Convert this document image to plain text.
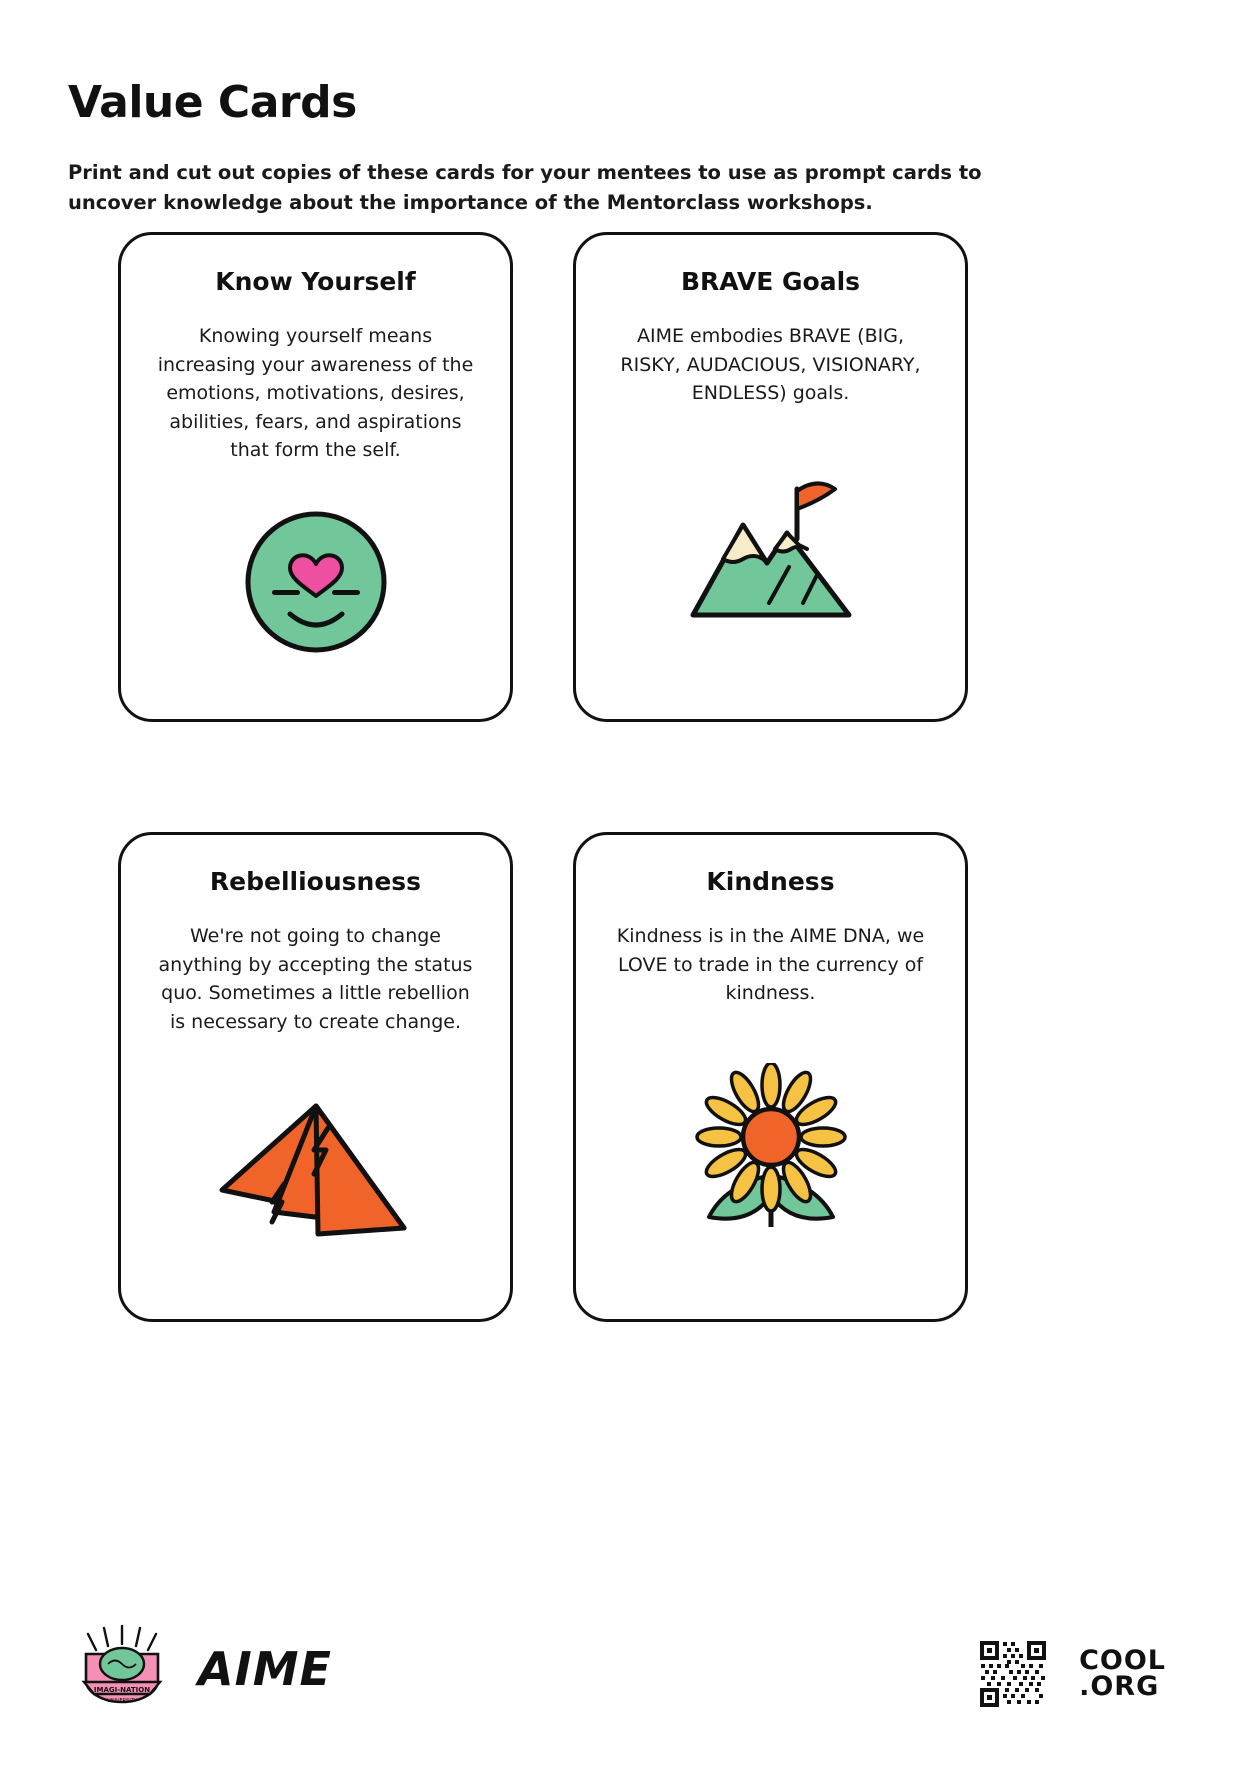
Value Cards

Print and cut out copies of these cards for your mentees to use as prompt cards to uncover knowledge about the importance of the Mentorclass workshops.

Know Yourself
Knowing yourself means increasing your awareness of the emotions, motivations, desires, abilities, fears, and aspirations that form the self.
BRAVE Goals
AIME embodies BRAVE (BIG, RISKY, AUDACIOUS, VISIONARY, ENDLESS) goals.
Rebelliousness
We're not going to change anything by accepting the status quo. Sometimes a little rebellion is necessary to create change.
Kindness
Kindness is in the AIME DNA, we LOVE to trade in the currency of kindness.
IMAGI-NATION
UNIVERSITY
AIME	COOL
.ORG
